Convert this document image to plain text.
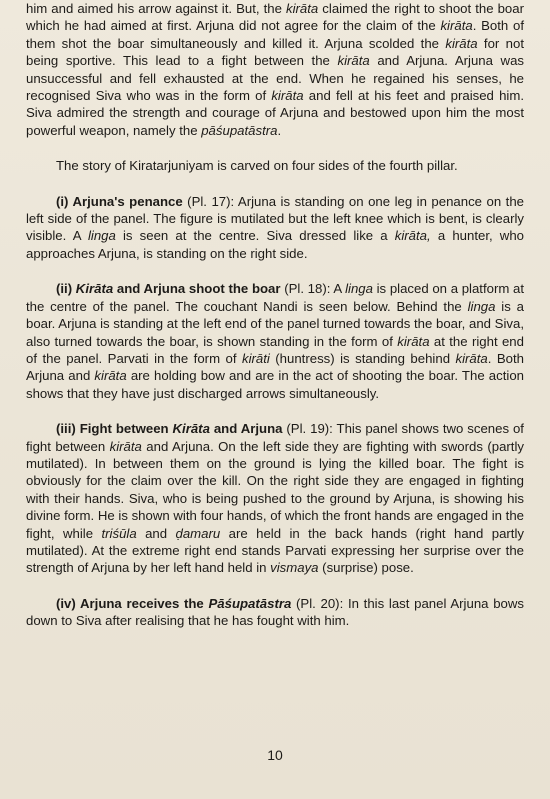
him and aimed his arrow against it. But, the kirāta claimed the right to shoot the boar which he had aimed at first. Arjuna did not agree for the claim of the kirāta. Both of them shot the boar simultaneously and killed it. Arjuna scolded the kirāta for not being sportive. This lead to a fight between the kirāta and Arjuna. Arjuna was unsuccessful and fell exhausted at the end. When he regained his senses, he recognised Siva who was in the form of kirāta and fell at his feet and praised him. Siva admired the strength and courage of Arjuna and bestowed upon him the most powerful weapon, namely the pāśupatāstra.

The story of Kiratarjuniyam is carved on four sides of the fourth pillar.

(i) Arjuna's penance (Pl. 17): Arjuna is standing on one leg in penance on the left side of the panel. The figure is mutilated but the left knee which is bent, is clearly visible. A linga is seen at the centre. Siva dressed like a kirāta, a hunter, who approaches Arjuna, is standing on the right side.

(ii) Kirāta and Arjuna shoot the boar (Pl. 18): A linga is placed on a platform at the centre of the panel. The couchant Nandi is seen below. Behind the linga is a boar. Arjuna is standing at the left end of the panel turned towards the boar, and Siva, also turned towards the boar, is shown standing in the form of kirāta at the right end of the panel. Parvati in the form of kirāti (huntress) is standing behind kirāta. Both Arjuna and kirāta are holding bow and are in the act of shooting the boar. The action shows that they have just discharged arrows simultaneously.

(iii) Fight between Kirāta and Arjuna (Pl. 19): This panel shows two scenes of fight between kirāta and Arjuna. On the left side they are fighting with swords (partly mutilated). In between them on the ground is lying the killed boar. The fight is obviously for the claim over the kill. On the right side they are engaged in fighting with their hands. Siva, who is being pushed to the ground by Arjuna, is showing his divine form. He is shown with four hands, of which the front hands are engaged in the fight, while triśūla and ḍamaru are held in the back hands (right hand partly mutilated). At the extreme right end stands Parvati expressing her surprise over the strength of Arjuna by her left hand held in vismaya (surprise) pose.

(iv) Arjuna receives the Pāśupatāstra (Pl. 20): In this last panel Arjuna bows down to Siva after realising that he has fought with him.

10
